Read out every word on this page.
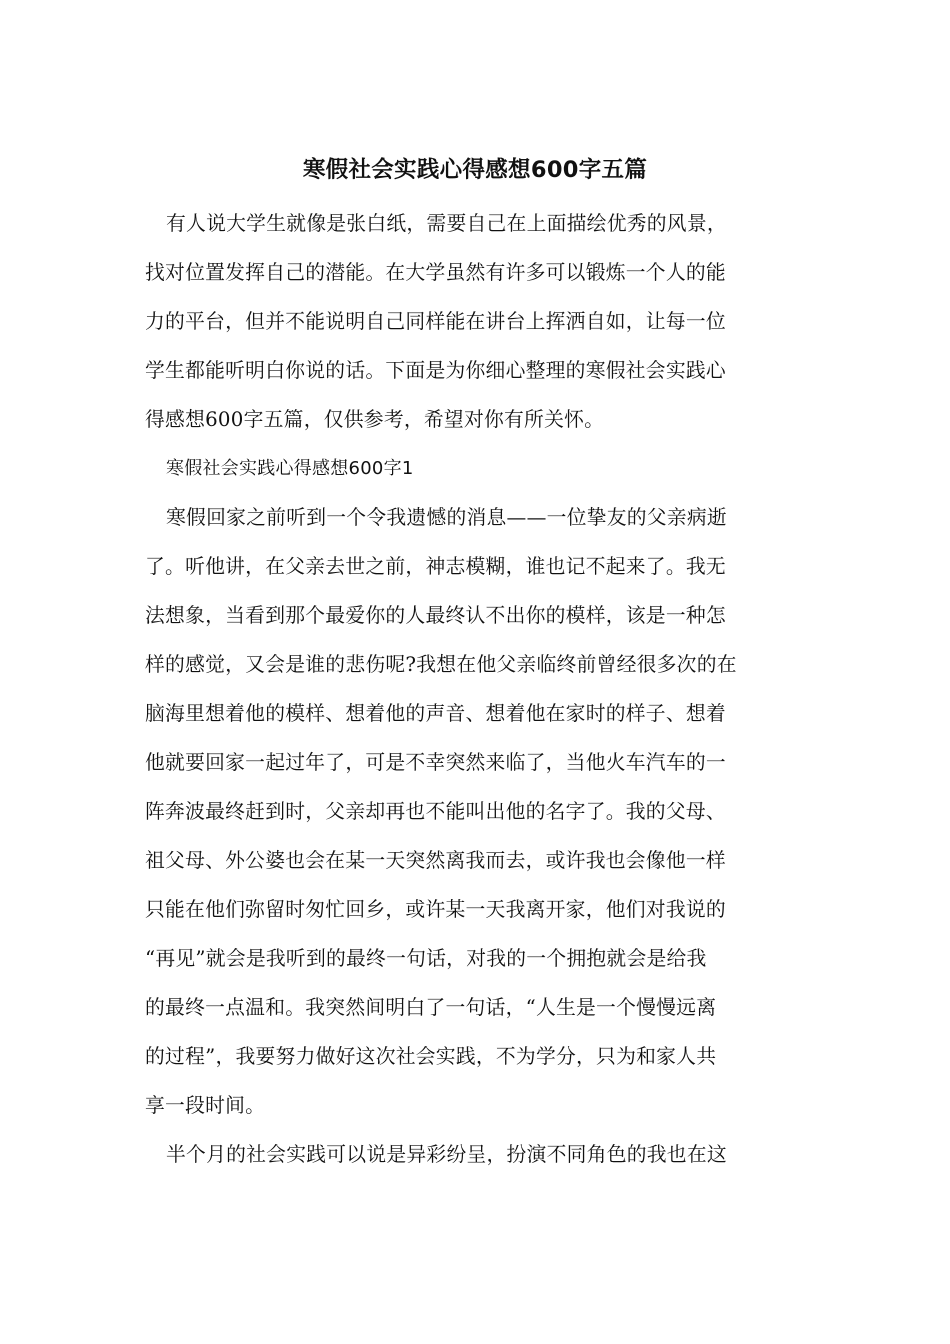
寒假社会实践心得感想600字五篇
有人说大学生就像是张白纸，需要自己在上面描绘优秀的风景，
找对位置发挥自己的潜能。在大学虽然有许多可以锻炼一个人的能
力的平台，但并不能说明自己同样能在讲台上挥洒自如，让每一位
学生都能听明白你说的话。下面是为你细心整理的寒假社会实践心
得感想600字五篇，仅供参考，希望对你有所关怀。
寒假社会实践心得感想600字1
寒假回家之前听到一个令我遗憾的消息——一位挚友的父亲病逝
了。听他讲，在父亲去世之前，神志模糊，谁也记不起来了。我无
法想象，当看到那个最爱你的人最终认不出你的模样，该是一种怎
样的感觉，又会是谁的悲伤呢?我想在他父亲临终前曾经很多次的在
脑海里想着他的模样、想着他的声音、想着他在家时的样子、想着
他就要回家一起过年了，可是不幸突然来临了，当他火车汽车的一
阵奔波最终赶到时，父亲却再也不能叫出他的名字了。我的父母、
祖父母、外公婆也会在某一天突然离我而去，或许我也会像他一样
只能在他们弥留时匆忙回乡，或许某一天我离开家，他们对我说的
“再见”就会是我听到的最终一句话，对我的一个拥抱就会是给我
的最终一点温和。我突然间明白了一句话，“人生是一个慢慢远离
的过程”，我要努力做好这次社会实践，不为学分，只为和家人共
享一段时间。
半个月的社会实践可以说是异彩纷呈，扮演不同角色的我也在这
